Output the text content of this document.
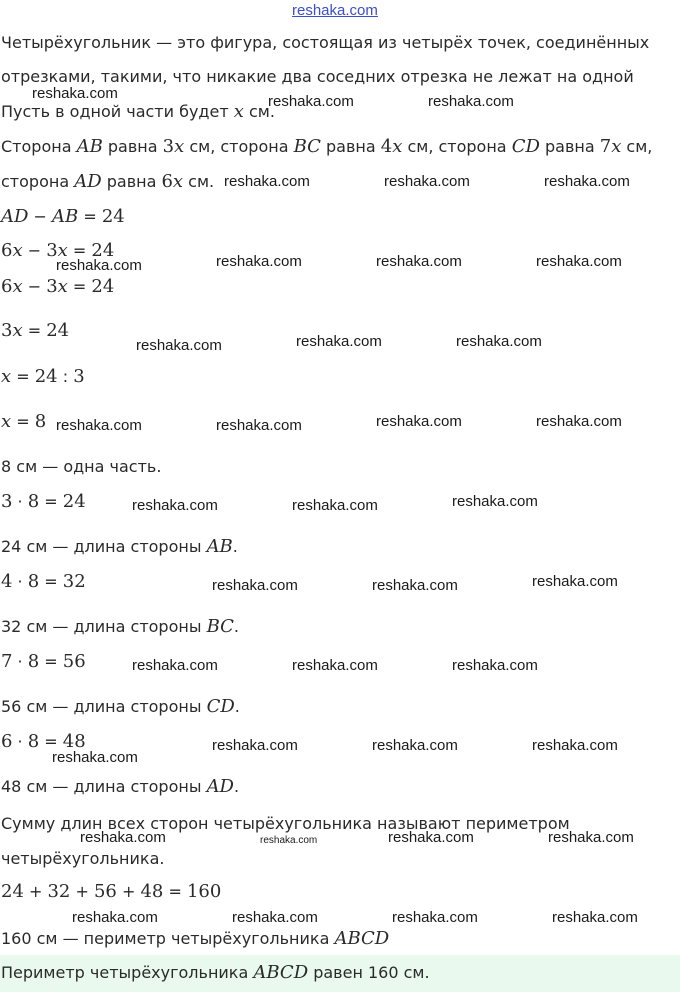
reshaka.com
Четырёхугольник — это фигура, состоящая из четырёх точек, соединённых
отрезками, такими, что никакие два соседних отрезка не лежат на одной
Пусть в одной части будет x см.
Сторона AB равна 3x см, сторона BC равна 4x см, сторона CD равна 7x см,
сторона AD равна 6x см.
AD − AB = 24
6x − 3x = 24
6x − 3x = 24
3x = 24
x = 24 : 3
x = 8
8 см — одна часть.
3 · 8 = 24
24 см — длина стороны AB.
4 · 8 = 32
32 см — длина стороны BC.
7 · 8 = 56
56 см — длина стороны CD.
6 · 8 = 48
48 см — длина стороны AD.
Сумму длин всех сторон четырёхугольника называют периметром
четырёхугольника.
24 + 32 + 56 + 48 = 160
160 см — периметр четырёхугольника ABCD
Периметр четырёхугольника ABCD равен 160 см.
reshaka.com	reshaka.com	reshaka.com
reshaka.com	reshaka.com	reshaka.com
reshaka.com	reshaka.com	reshaka.com	reshaka.com
reshaka.com	reshaka.com	reshaka.com
reshaka.com	reshaka.com	reshaka.com	reshaka.com
reshaka.com	reshaka.com	reshaka.com
reshaka.com	reshaka.com	reshaka.com
reshaka.com	reshaka.com	reshaka.com
reshaka.com	reshaka.com	reshaka.com
reshaka.com
reshaka.com	reshaka.com	reshaka.com
reshaka.com	reshaka.com	reshaka.com	reshaka.com
reshaka.com
